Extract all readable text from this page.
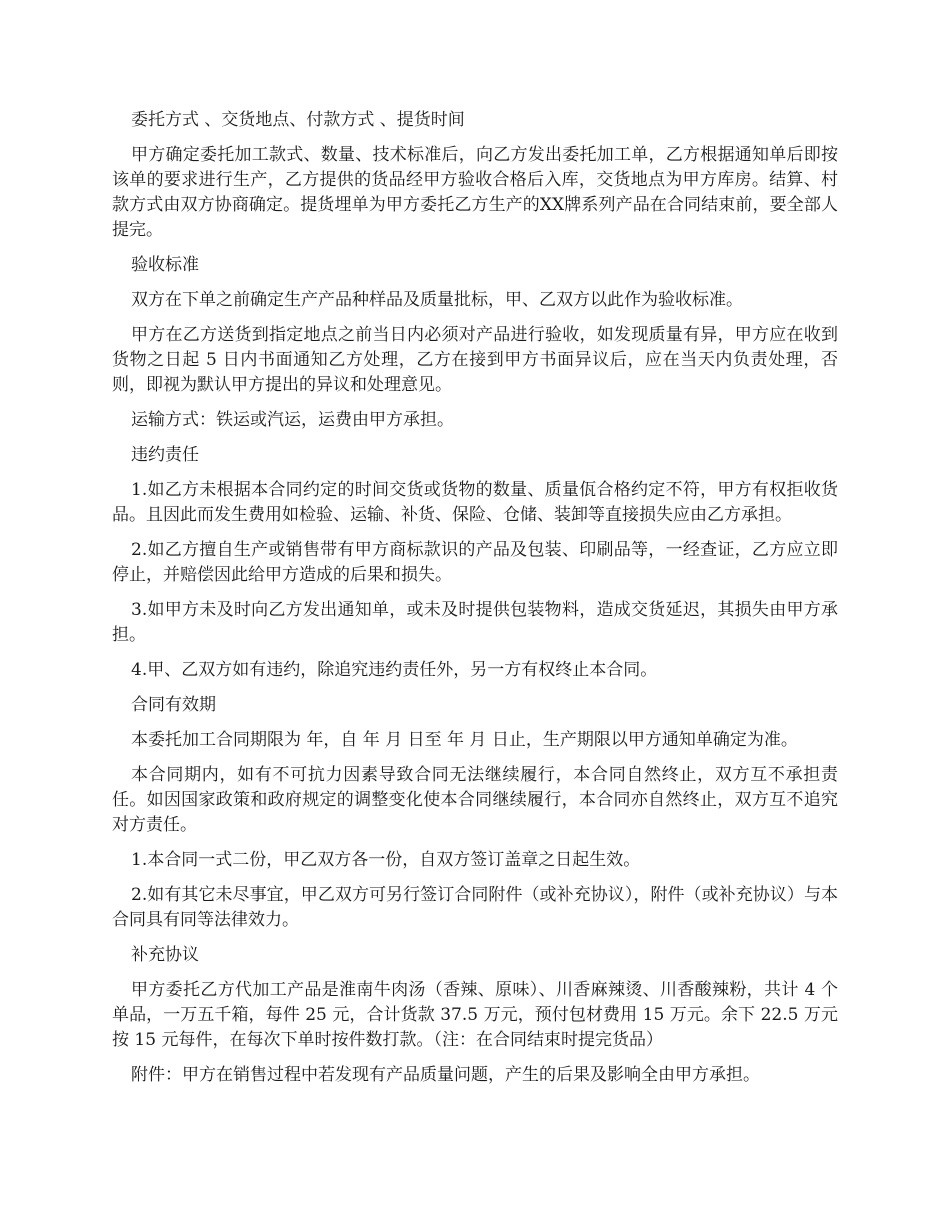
委托方式 、交货地点、付款方式 、提货时间
甲方确定委托加工款式、数量、技术标准后，向乙方发出委托加工单，乙方根据通知单后即按该单的要求进行生产，乙方提供的货品经甲方验收合格后入库，交货地点为甲方库房。结算、村款方式由双方协商确定。提货埋单为甲方委托乙方生产的XX牌系列产品在合同结束前，要全部人提完。
验收标准
双方在下单之前确定生产产品种样品及质量批标，甲、乙双方以此作为验收标准。
甲方在乙方送货到指定地点之前当日内必须对产品进行验收，如发现质量有异，甲方应在收到货物之日起 5 日内书面通知乙方处理，乙方在接到甲方书面异议后，应在当天内负责处理，否则，即视为默认甲方提出的异议和处理意见。
运输方式：铁运或汽运，运费由甲方承担。
违约责任
1.如乙方未根据本合同约定的时间交货或货物的数量、质量佤合格约定不符，甲方有权拒收货品。且因此而发生费用如检验、运输、补货、保险、仓储、装卸等直接损失应由乙方承担。
2.如乙方擅自生产或销售带有甲方商标款识的产品及包装、印刷品等，一经查证，乙方应立即停止，并赔偿因此给甲方造成的后果和损失。
3.如甲方未及时向乙方发出通知单，或未及时提供包装物料，造成交货延迟，其损失由甲方承担。
4.甲、乙双方如有违约，除追究违约责任外，另一方有权终止本合同。
合同有效期
本委托加工合同期限为 年，自 年 月 日至 年 月 日止，生产期限以甲方通知单确定为准。
本合同期内，如有不可抗力因素导致合同无法继续履行，本合同自然终止，双方互不承担责任。如因国家政策和政府规定的调整变化使本合同继续履行，本合同亦自然终止，双方互不追究对方责任。
1.本合同一式二份，甲乙双方各一份，自双方签订盖章之日起生效。
2.如有其它未尽事宜，甲乙双方可另行签订合同附件（或补充协议），附件（或补充协议）与本合同具有同等法律效力。
补充协议
甲方委托乙方代加工产品是淮南牛肉汤（香辣、原味）、川香麻辣烫、川香酸辣粉，共计 4 个单品，一万五千箱，每件 25 元，合计货款 37.5 万元，预付包材费用 15 万元。余下 22.5 万元按 15 元每件，在每次下单时按件数打款。（注：在合同结束时提完货品）
附件：甲方在销售过程中若发现有产品质量问题，产生的后果及影响全由甲方承担。
